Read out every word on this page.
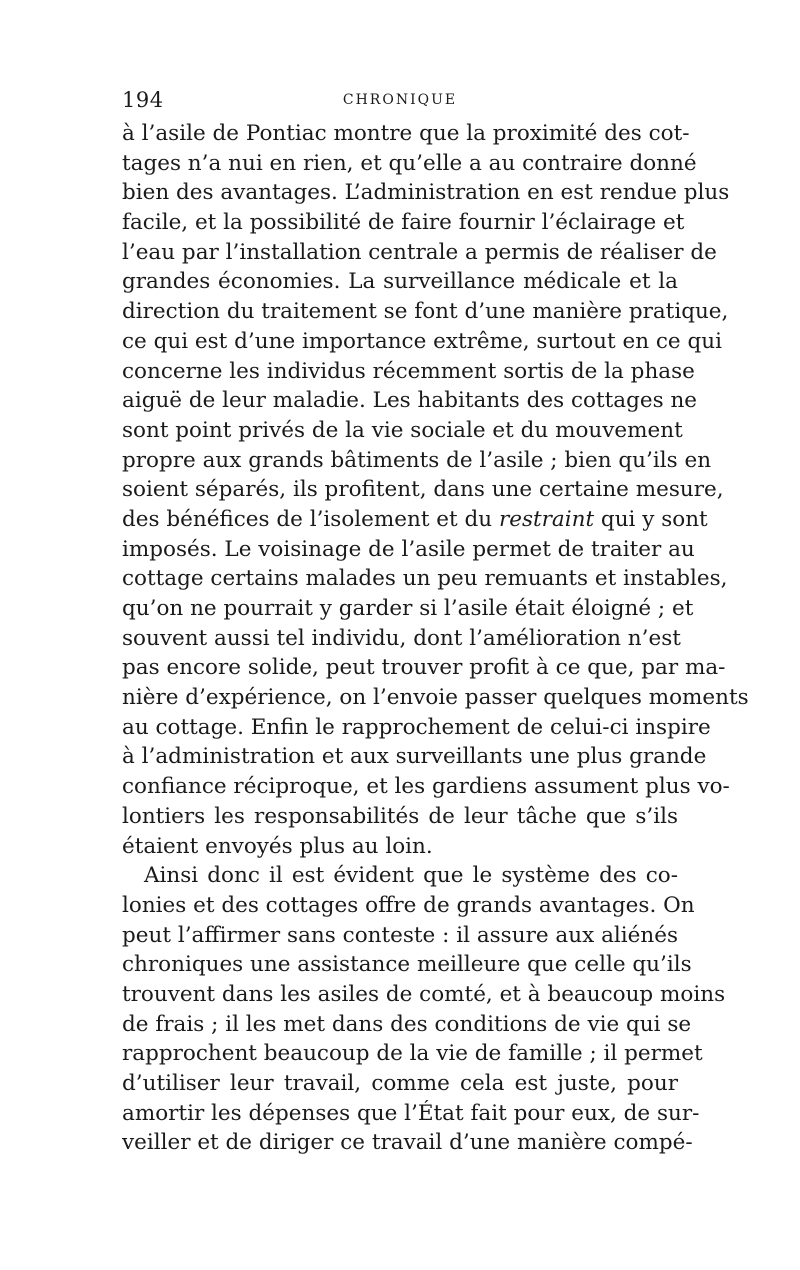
194	CHRONIQUE
à l’asile de Pontiac montre que la proximité des cot-
tages n’a nui en rien, et qu’elle a au contraire donné
bien des avantages. L’administration en est rendue plus
facile, et la possibilité de faire fournir l’éclairage et
l’eau par l’installation centrale a permis de réaliser de
grandes économies. La surveillance médicale et la
direction du traitement se font d’une manière pratique,
ce qui est d’une importance extrême, surtout en ce qui
concerne les individus récemment sortis de la phase
aiguë de leur maladie. Les habitants des cottages ne
sont point privés de la vie sociale et du mouvement
propre aux grands bâtiments de l’asile ; bien qu’ils en
soient séparés, ils profitent, dans une certaine mesure,
des bénéfices de l’isolement et du restraint qui y sont
imposés. Le voisinage de l’asile permet de traiter au
cottage certains malades un peu remuants et instables,
qu’on ne pourrait y garder si l’asile était éloigné ; et
souvent aussi tel individu, dont l’amélioration n’est
pas encore solide, peut trouver profit à ce que, par ma-
nière d’expérience, on l’envoie passer quelques moments
au cottage. Enfin le rapprochement de celui-ci inspire
à l’administration et aux surveillants une plus grande
confiance réciproque, et les gardiens assument plus vo-
lontiers les responsabilités de leur tâche que s’ils
étaient envoyés plus au loin.
Ainsi donc il est évident que le système des co-
lonies et des cottages offre de grands avantages. On
peut l’affirmer sans conteste : il assure aux aliénés
chroniques une assistance meilleure que celle qu’ils
trouvent dans les asiles de comté, et à beaucoup moins
de frais ; il les met dans des conditions de vie qui se
rapprochent beaucoup de la vie de famille ; il permet
d’utiliser leur travail, comme cela est juste, pour
amortir les dépenses que l’État fait pour eux, de sur-
veiller et de diriger ce travail d’une manière compé-
